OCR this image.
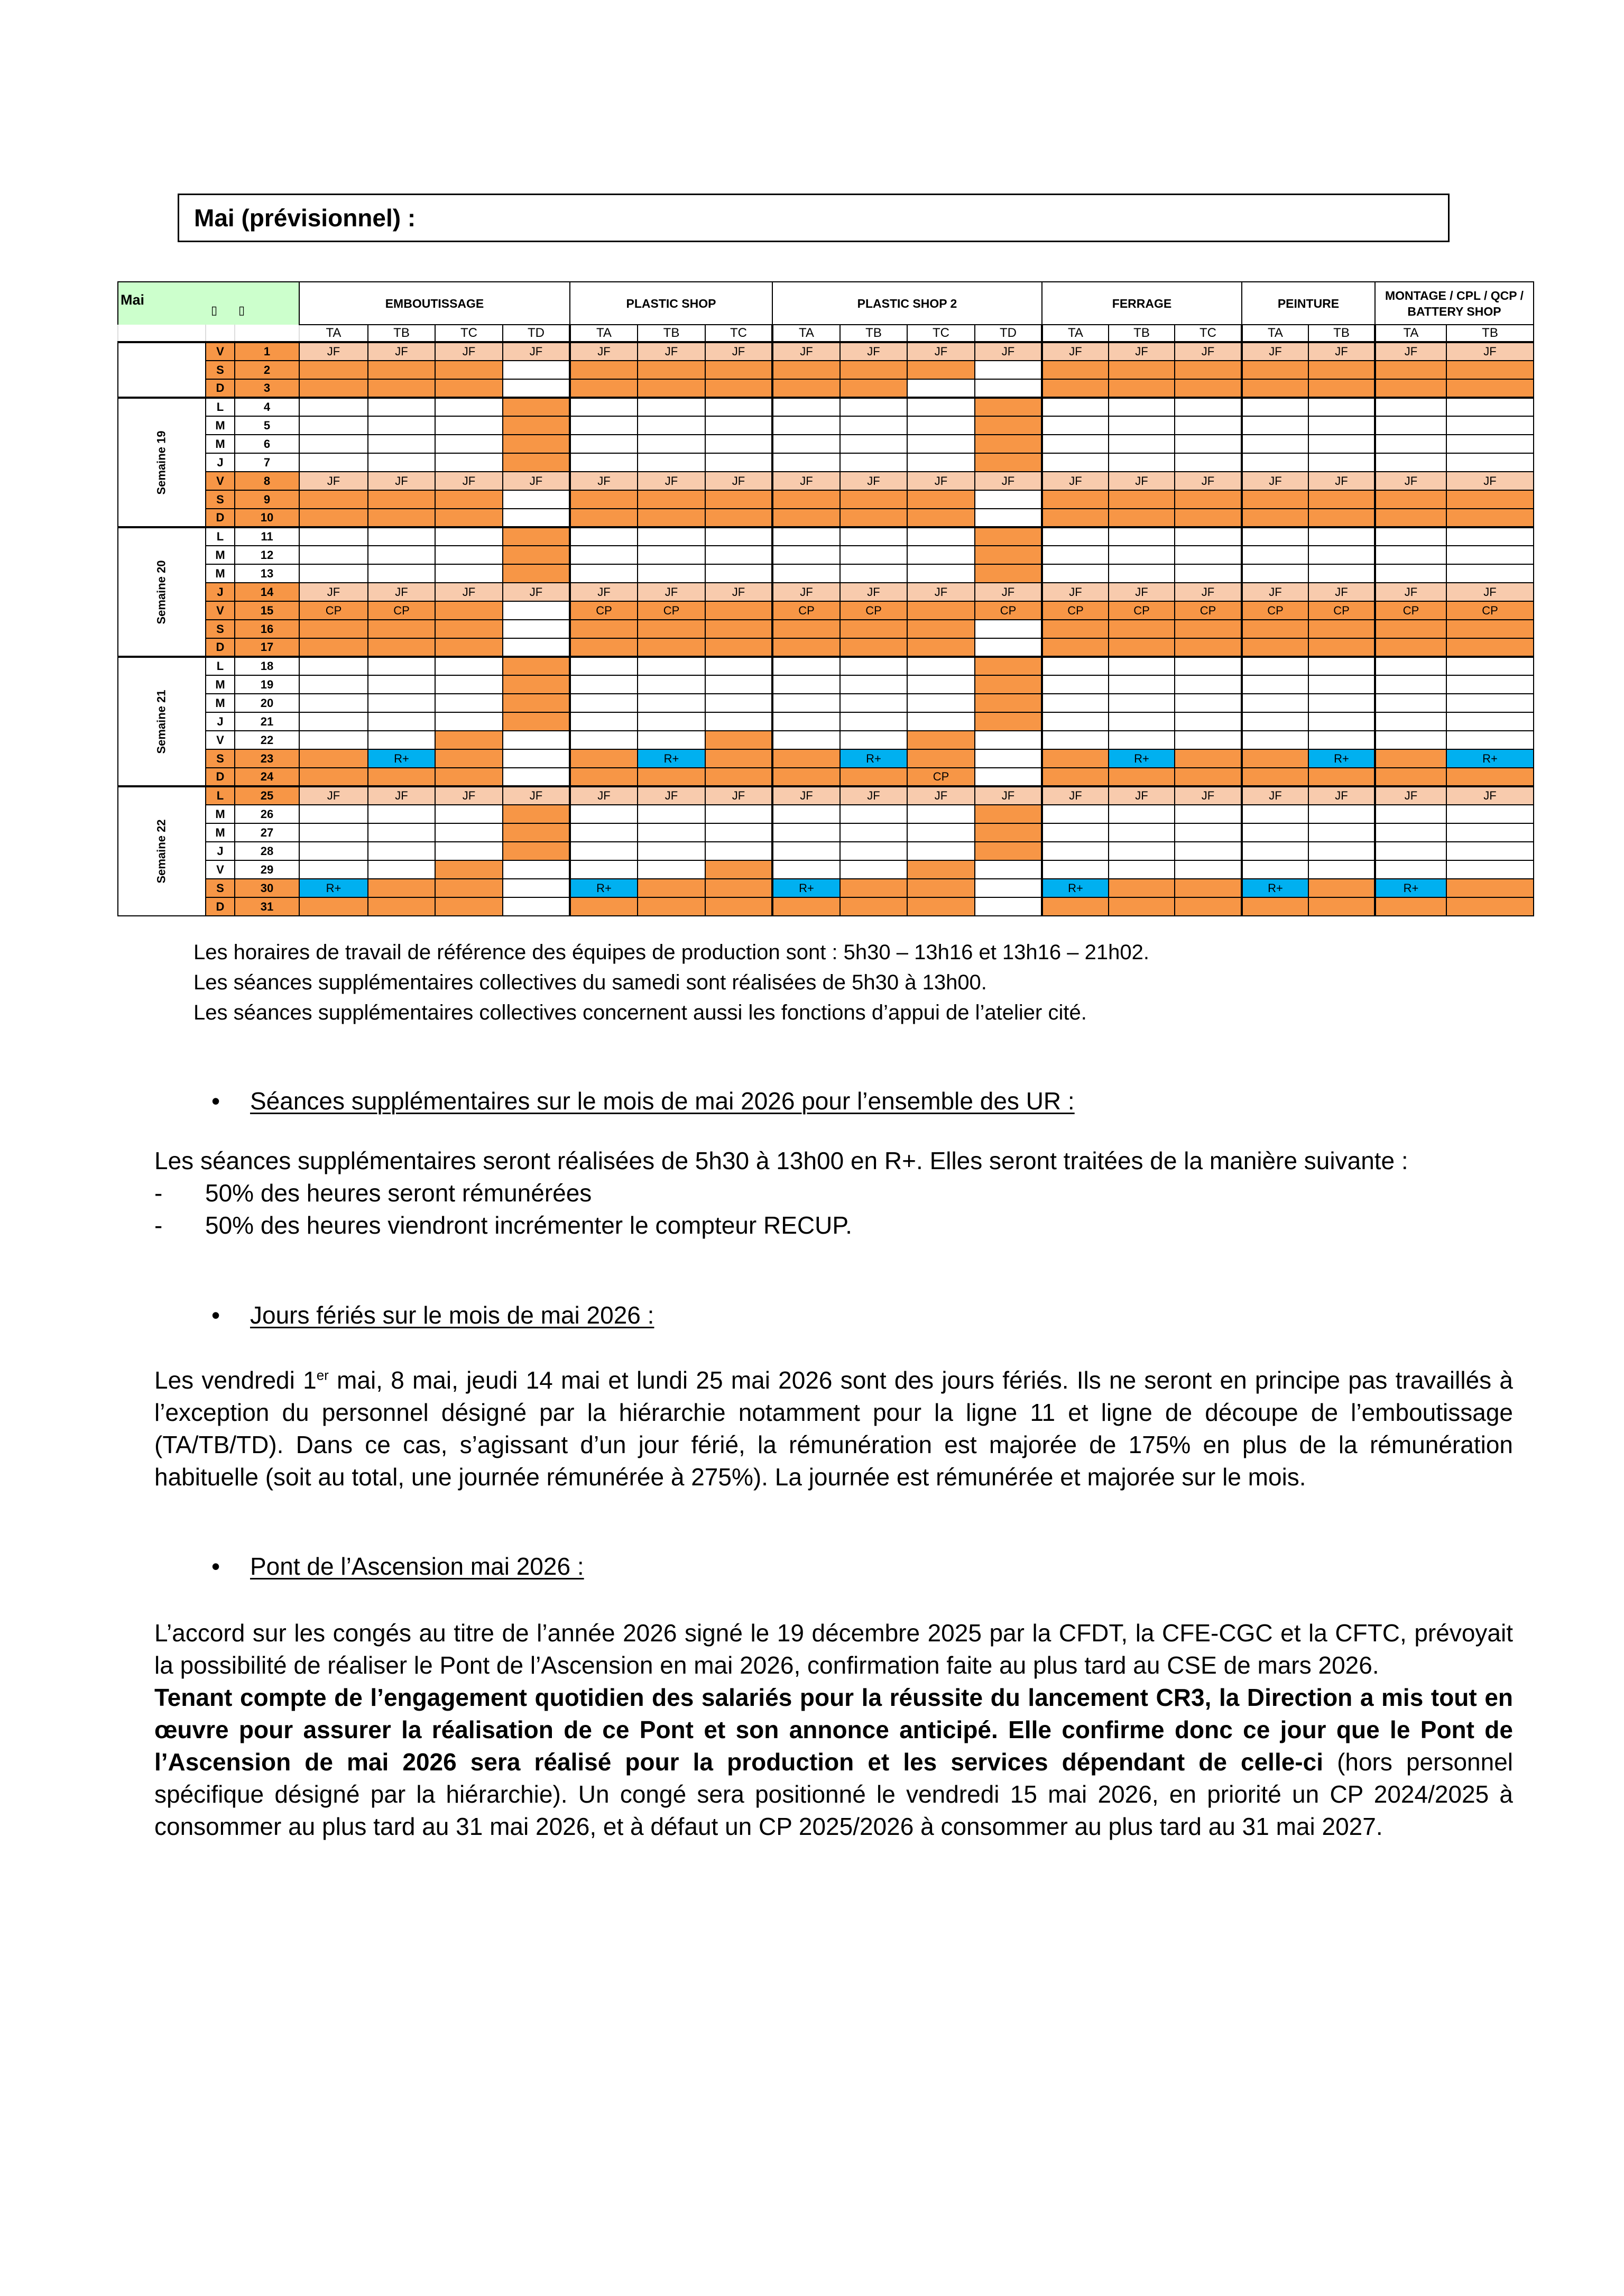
Mai (prévisionnel) :
Mai
▯ ▯			EMBOUTISSAGE				PLASTIC SHOP			PLASTIC SHOP 2				FERRAGE			PEINTURE		MONTAGE / CPL / QCP / BATTERY SHOP	
			TA	TB	TC	TD	TA	TB	TC	TA	TB	TC	TD	TA	TB	TC	TA	TB	TA	TB
	V	1	JF	JF	JF	JF	JF	JF	JF	JF	JF	JF	JF	JF	JF	JF	JF	JF	JF	JF
	S	2																		
	D	3																		
Semaine 19	L	4																		
	M	5																		
	M	6																		
	J	7																		
	V	8	JF	JF	JF	JF	JF	JF	JF	JF	JF	JF	JF	JF	JF	JF	JF	JF	JF	JF
	S	9																		
	D	10																		
Semaine 20	L	11																		
	M	12																		
	M	13																		
	J	14	JF	JF	JF	JF	JF	JF	JF	JF	JF	JF	JF	JF	JF	JF	JF	JF	JF	JF
	V	15	CP	CP			CP	CP		CP	CP		CP	CP	CP	CP	CP	CP	CP	CP
	S	16																		
	D	17																		
Semaine 21	L	18																		
	M	19																		
	M	20																		
	J	21																		
	V	22																		
	S	23		R+				R+			R+				R+			R+		R+
	D	24										CP								
Semaine 22	L	25	JF	JF	JF	JF	JF	JF	JF	JF	JF	JF	JF	JF	JF	JF	JF	JF	JF	JF
	M	26																		
	M	27																		
	J	28																		
	V	29																		
	S	30	R+				R+			R+				R+			R+		R+	
	D	31																		

Les horaires de travail de référence des équipes de production sont : 5h30 – 13h16 et 13h16 – 21h02.

Les séances supplémentaires collectives du samedi sont réalisées de 5h30 à 13h00.

Les séances supplémentaires collectives concernent aussi les fonctions d’appui de l’atelier cité.

• Séances supplémentaires sur le mois de mai 2026 pour l’ensemble des UR :

Les séances supplémentaires seront réalisées de 5h30 à 13h00 en R+. Elles seront traitées de la manière suivante :

- 50% des heures seront rémunérées

- 50% des heures viendront incrémenter le compteur RECUP.

• Jours fériés sur le mois de mai 2026 :

Les vendredi 1er mai, 8 mai, jeudi 14 mai et lundi 25 mai 2026 sont des jours fériés. Ils ne seront en principe pas travaillés à l’exception du personnel désigné par la hiérarchie notamment pour la ligne 11 et ligne de découpe de l’emboutissage (TA/TB/TD). Dans ce cas, s’agissant d’un jour férié, la rémunération est majorée de 175% en plus de la rémunération habituelle (soit au total, une journée rémunérée à 275%). La journée est rémunérée et majorée sur le mois.

• Pont de l’Ascension mai 2026 :

L’accord sur les congés au titre de l’année 2026 signé le 19 décembre 2025 par la CFDT, la CFE-CGC et la CFTC, prévoyait la possibilité de réaliser le Pont de l’Ascension en mai 2026, confirmation faite au plus tard au CSE de mars 2026.

Tenant compte de l’engagement quotidien des salariés pour la réussite du lancement CR3, la Direction a mis tout en œuvre pour assurer la réalisation de ce Pont et son annonce anticipé. Elle confirme donc ce jour que le Pont de l’Ascension de mai 2026 sera réalisé pour la production et les services dépendant de celle-ci (hors personnel spécifique désigné par la hiérarchie). Un congé sera positionné le vendredi 15 mai 2026, en priorité un CP 2024/2025 à consommer au plus tard au 31 mai 2026, et à défaut un CP 2025/2026 à consommer au plus tard au 31 mai 2027.
